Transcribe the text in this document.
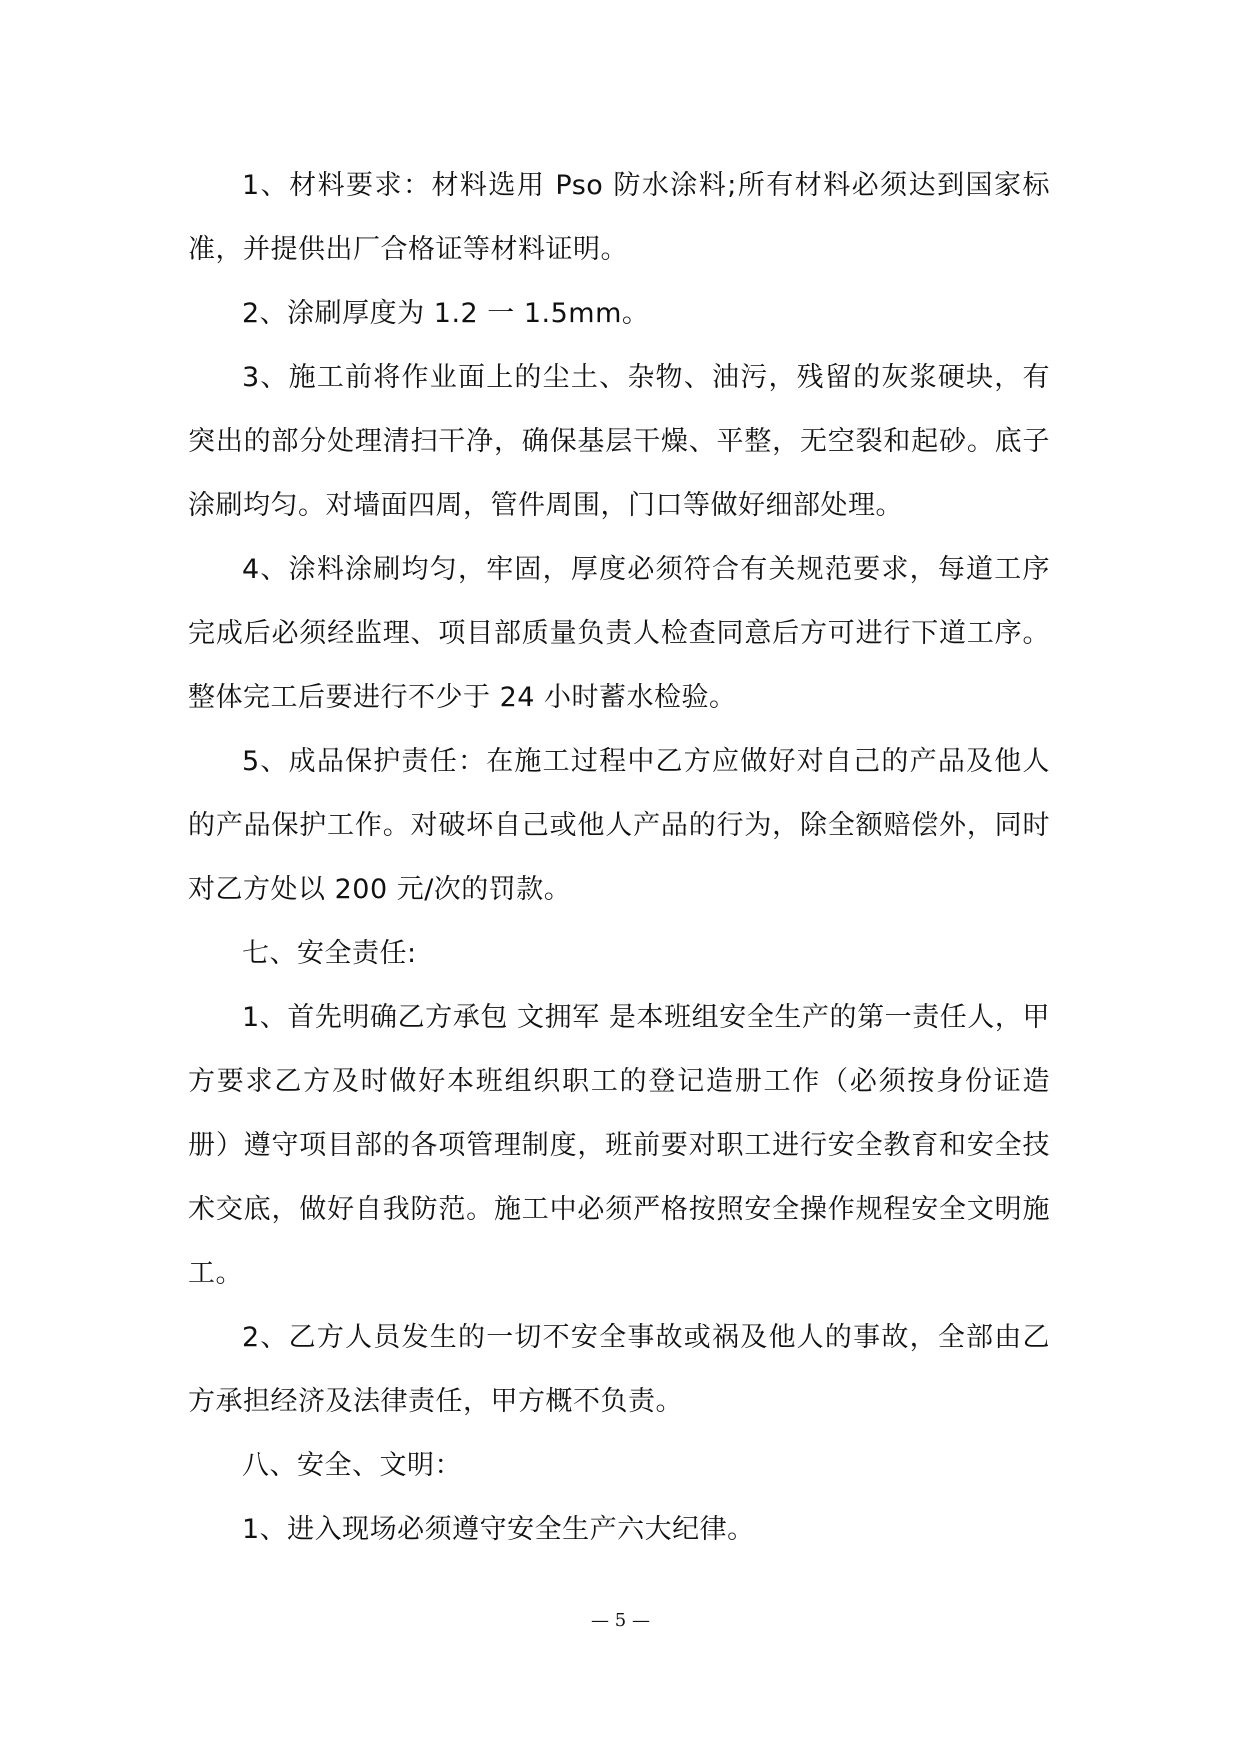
1、材料要求：材料选用 Pso 防水涂料;所有材料必须达到国家标准，并提供出厂合格证等材料证明。

2、涂刷厚度为 1.2 一 1.5mm。

3、施工前将作业面上的尘土、杂物、油污，残留的灰浆硬块，有突出的部分处理清扫干净，确保基层干燥、平整，无空裂和起砂。底子涂刷均匀。对墙面四周，管件周围，门口等做好细部处理。

4、涂料涂刷均匀，牢固，厚度必须符合有关规范要求，每道工序完成后必须经监理、项目部质量负责人检查同意后方可进行下道工序。整体完工后要进行不少于 24 小时蓄水检验。

5、成品保护责任：在施工过程中乙方应做好对自己的产品及他人的产品保护工作。对破坏自己或他人产品的行为，除全额赔偿外，同时对乙方处以 200 元/次的罚款。

七、安全责任:

1、首先明确乙方承包 文拥军 是本班组安全生产的第一责任人，甲方要求乙方及时做好本班组织职工的登记造册工作（必须按身份证造册）遵守项目部的各项管理制度，班前要对职工进行安全教育和安全技术交底，做好自我防范。施工中必须严格按照安全操作规程安全文明施工。

2、乙方人员发生的一切不安全事故或祸及他人的事故，全部由乙方承担经济及法律责任，甲方概不负责。

八、安全、文明：

1、进入现场必须遵守安全生产六大纪律。

— 5 —
